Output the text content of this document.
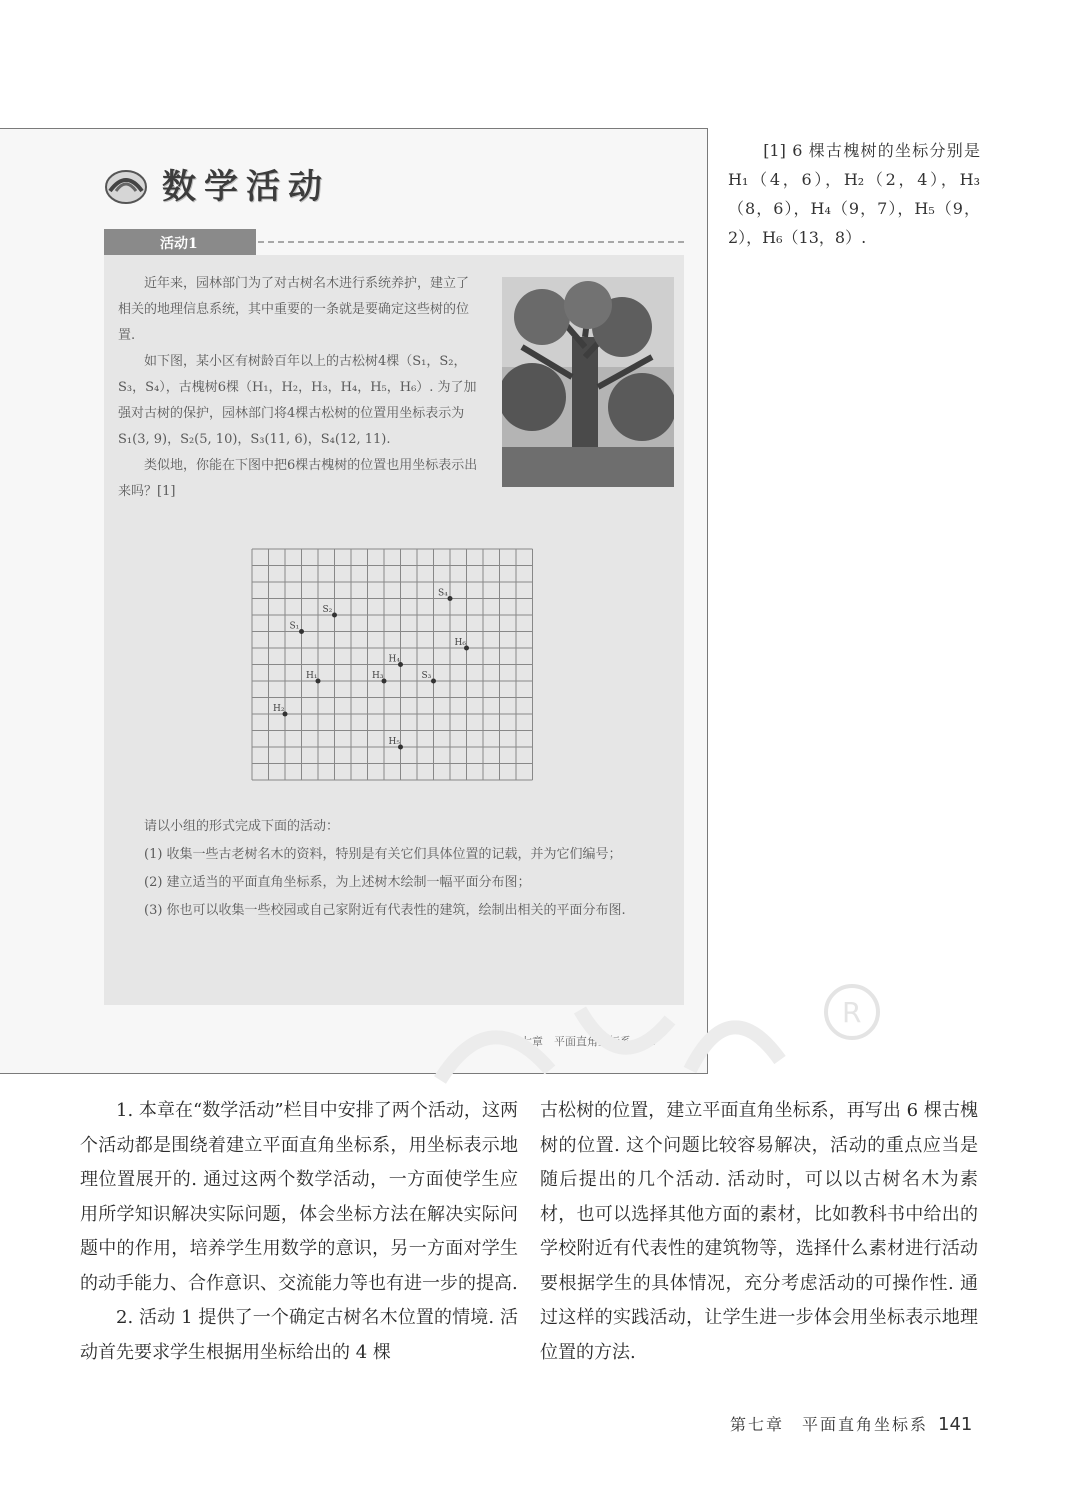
数学活动
活动1

近年来，园林部门为了对古树名木进行系统养护，建立了相关的地理信息系统，其中重要的一条就是要确定这些树的位置.

如下图，某小区有树龄百年以上的古松树4棵（S₁，S₂，S₃，S₄），古槐树6棵（H₁，H₂，H₃，H₄，H₅，H₆）. 为了加强对古树的保护，园林部门将4棵古松树的位置用坐标表示为S₁(3, 9)，S₂(5, 10)，S₃(11, 6)，S₄(12, 11).

类似地，你能在下图中把6棵古槐树的位置也用坐标表示出来吗？[1]

S₁
S₂
S₃
S₄
H₁
H₂
H₃
H₄
H₅
H₆

请以小组的形式完成下面的活动：

(1) 收集一些古老树名木的资料，特别是有关它们具体位置的记载，并为它们编号；

(2) 建立适当的平面直角坐标系，为上述树木绘制一幅平面分布图；

(3) 你也可以收集一些校园或自己家附近有代表性的建筑，绘制出相关的平面分布图.

第七章　平面直角坐标系　81

[1] 6 棵古槐树的坐标分别是 H₁（4，6），H₂（2，4），H₃（8，6），H₄（9，7），H₅（9，2），H₆（13，8）.

R

1. 本章在“数学活动”栏目中安排了两个活动，这两个活动都是围绕着建立平面直角坐标系，用坐标表示地理位置展开的. 通过这两个数学活动，一方面使学生应用所学知识解决实际问题，体会坐标方法在解决实际问题中的作用，培养学生用数学的意识，另一方面对学生的动手能力、合作意识、交流能力等也有进一步的提高.

2. 活动 1 提供了一个确定古树名木位置的情境. 活动首先要求学生根据用坐标给出的 4 棵

古松树的位置，建立平面直角坐标系，再写出 6 棵古槐树的位置. 这个问题比较容易解决，活动的重点应当是随后提出的几个活动. 活动时，可以以古树名木为素材，也可以选择其他方面的素材，比如教科书中给出的学校附近有代表性的建筑物等，选择什么素材进行活动要根据学生的具体情况，充分考虑活动的可操作性. 通过这样的实践活动，让学生进一步体会用坐标表示地理位置的方法.

第七章　平面直角坐标系 141
